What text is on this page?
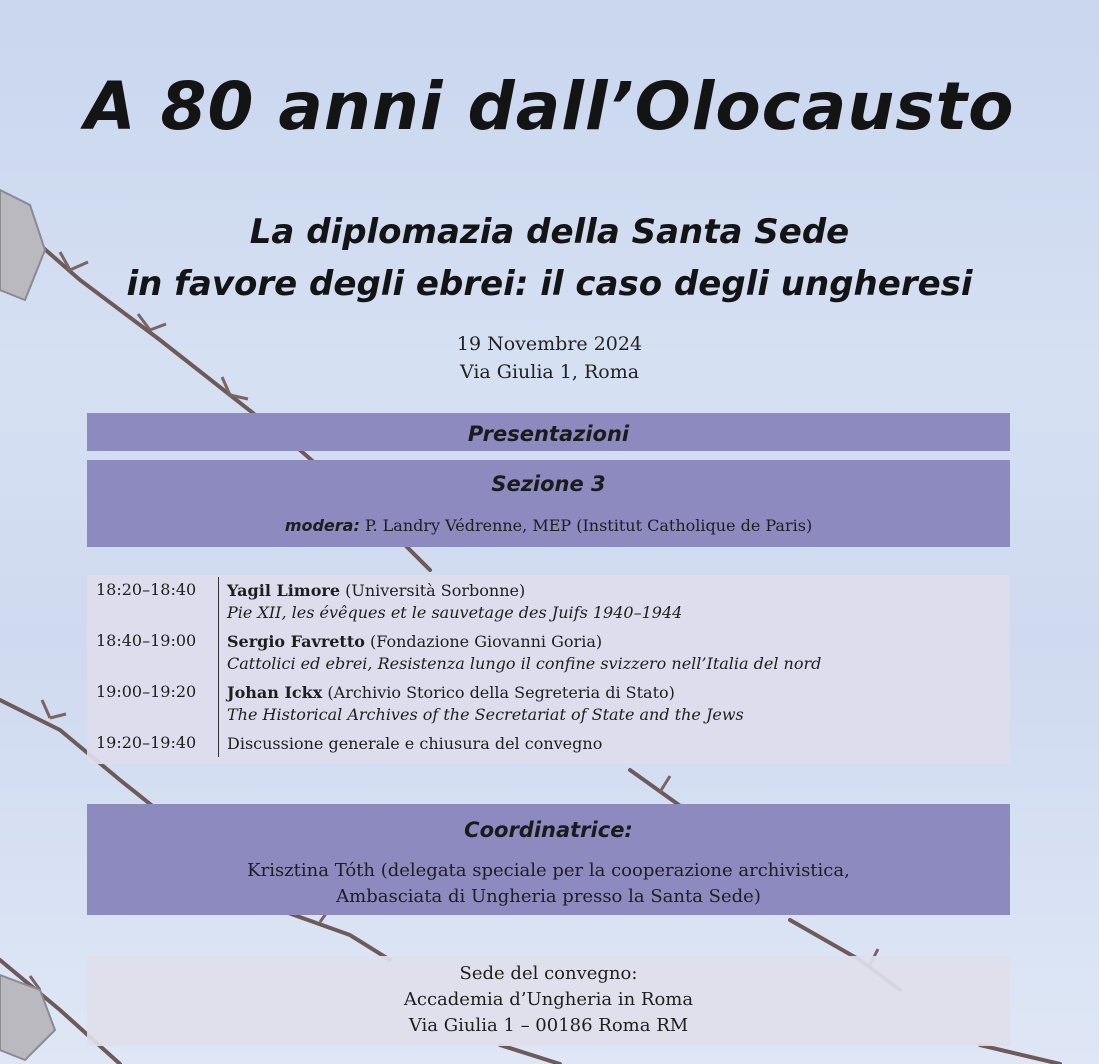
A 80 anni dall’Olocausto
La diplomazia della Santa Sede
in favore degli ebrei: il caso degli ungheresi
19 Novembre 2024
Via Giulia 1, Roma
Presentazioni
Sezione 3
modera: P. Landry Védrenne, MEP (Institut Catholique de Paris)
18:20–18:40	Yagil Limore (Università Sorbonne)
Pie XII, les évêques et le sauvetage des Juifs 1940–1944
18:40–19:00	Sergio Favretto (Fondazione Giovanni Goria)
Cattolici ed ebrei, Resistenza lungo il confine svizzero nell’Italia del nord
19:00–19:20	Johan Ickx (Archivio Storico della Segreteria di Stato)
The Historical Archives of the Secretariat of State and the Jews
19:20–19:40	Discussione generale e chiusura del convegno
Coordinatrice:
Krisztina Tóth (delegata speciale per la cooperazione archivistica,
Ambasciata di Ungheria presso la Santa Sede)
Sede del convegno:
Accademia d’Ungheria in Roma
Via Giulia 1 – 00186 Roma RM
